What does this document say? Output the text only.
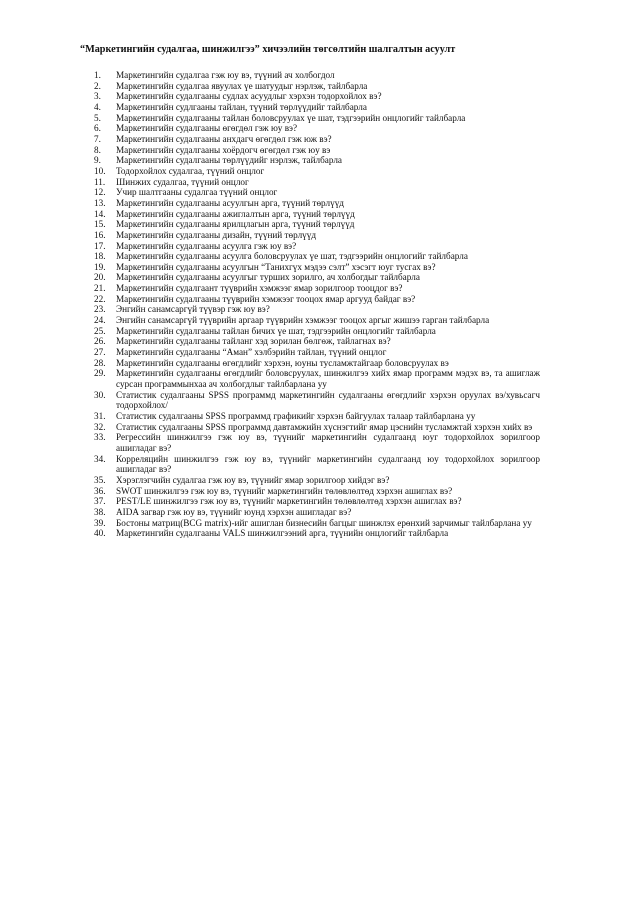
“Маркетингийн судалгаа, шинжилгээ” хичээлийн төгсөлтийн шалгалтын асуулт
1.	Маркетингийн судалгаа гэж юу вэ, түүний ач холбогдол
2.	Маркетингийн судалгаа явуулах үе шатуудыг нэрлэж, тайлбарла
3.	Маркетингийн судалгааны судлах асуудлыг хэрхэн тодорхойлох вэ?
4.	Маркетингийн судлгааны тайлан, түүний төрлүүдийг тайлбарла
5.	Маркетингийн судалгааны тайлан боловсруулах үе шат, тэдгээрийн онцлогийг тайлбарла
6.	Маркетингийн судалгааны өгөгдөл гэж юу вэ?
7.	Маркетингийн судалгааны анхдагч өгөгдөл гэж юж вэ?
8.	Маркетингийн судалгааны хоёрдогч өгөгдөл гэж юу вэ
9.	Маркетингийн судалгааны төрлүүдийг нэрлэж, тайлбарла
10.	Тодорхойлох судалгаа, түүний онцлог
11.	Шинжих судалгаа, түүний онцлог
12.	Учир шалтгааны судалгаа түүний онцлог
13.	Маркетингийн судалгааны асуулгын арга, түүний төрлүүд
14.	Маркетингийн судалгааны ажиглалтын арга, түүний төрлүүд
15.	Маркетингийн судалгааны ярилцлагын арга, түүний төрлүүд
16.	Маркетингийн судалгааны дизайн, түүний төрлүүд
17.	Маркетингийн судалгааны асуулга гэж юу вэ?
18.	Маркетингийн судалгааны асуулга боловсруулах үе шат, тэдгээрийн онцлогийг тайлбарла
19.	Маркетингийн судалгааны асуулгын “Танихгүх мэдээ сэлт” хэсэгт юуг тусгах вэ?
20.	Маркетингийн судалгааны асуулгыг турших зорилго, ач холбогдыг тайлбарла
21.	Маркетингийн судалгаант түүврийн хэмжээг ямар зорилгоор тооцдог вэ?
22.	Маркетингийн судалгааны түүврийн хэмжээг тооцох ямар аргууд байдаг вэ?
23.	Энгийн санамсаргүй түүвэр гэж юу вэ?
24.	Энгийн санамсаргүй түүврийн аргаар түүврийн хэмжээг тооцох аргыг жишээ гарган тайлбарла
25.	Маркетингийн судалгааны тайлан бичих үе шат, тэдгээрийн онцлогийг тайлбарла
26.	Маркетингийн судалгааны тайланг хэд зорилан бөлгөж, тайлагнах вэ?
27.	Маркетингийн судалгааны “Аман” хэлбэрийн тайлан, түүний онцлог
28.	Маркетингийн судалгааны өгөгдлийг хэрхэн, юуны тусламжтайгаар боловсруулах вэ
29.	Маркетингийн судалгааны өгөгдлийг боловсруулах, шинжилгээ хийх ямар программ мэдэх вэ, та ашиглаж сурсан программынхаа ач холбогдлыг тайлбарлана уу
30.	Статистик судалгааны SPSS программд маркетингийн судалгааны өгөгдлийг хэрхэн оруулах вэ/хувьсагч тодорхойлох/
31.	Статистик судалгааны SPSS программд графикийг хэрхэн байгуулах талаар тайлбарлана уу
32.	Статистик судалгааны SPSS программд давтамжийн хүснэгтийг ямар цэснийн тусламжтай хэрхэн хийх вэ
33.	Регрессийн шинжилгээ гэж юу вэ, түүнийг маркетингийн судалгаанд юуг тодорхойлох зорилгоор ашигладаг вэ?
34.	Корреляцийн шинжилгээ гэж юу вэ, түүнийг маркетингийн судалгаанд юу тодорхойлох зорилгоор ашигладаг вэ?
35.	Хэрэглэгчийн судалгаа гэж юу вэ, түүнийг ямар зорилгоор хийдэг вэ?
36.	SWOT шинжилгээ гэж юу вэ, түүнийг маркетингийн төлөвлөлтөд хэрхэн ашиглах вэ?
37.	PEST/LE шинжилгээ гэж юу вэ, түүнийг маркетингийн төлөвлөлтөд хэрхэн ашиглах вэ?
38.	AIDA загвар гэж юу вэ, түүнийг юунд хэрхэн ашигладаг вэ?
39.	Бостоны матриц(BCG matrix)-ийг ашиглан бизнесийн багцыг шинжлэх ерөнхий зарчимыг тайлбарлана уу
40.	Маркетингийн судалгааны VALS шинжилгээний арга, түүнийн онцлогийг тайлбарла
